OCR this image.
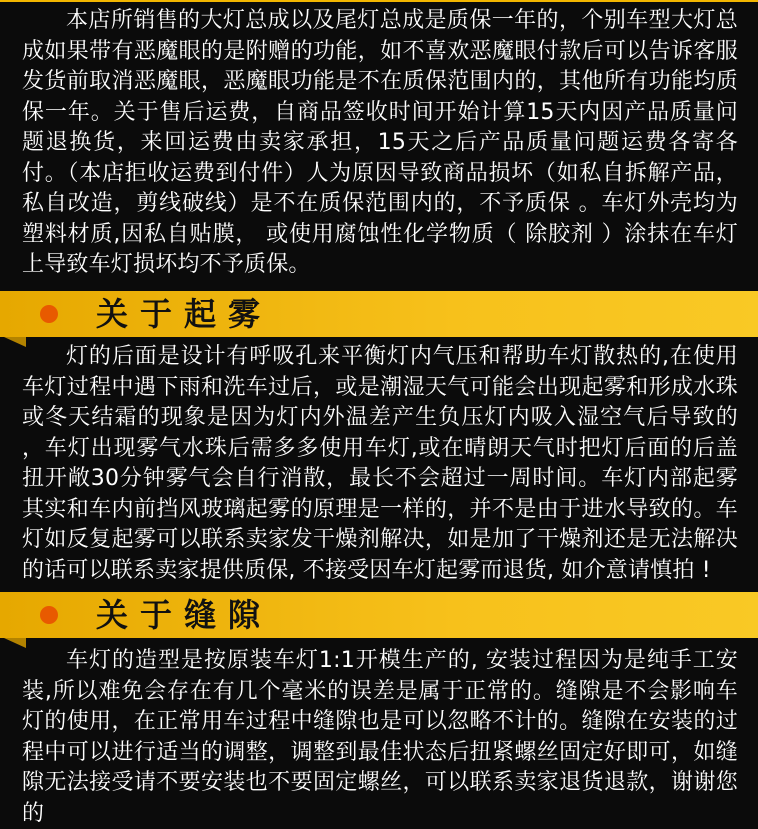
本店所销售的大灯总成以及尾灯总成是质保一年的，个别车型大灯总成如果带有恶魔眼的是附赠的功能，如不喜欢恶魔眼付款后可以告诉客服发货前取消恶魔眼，恶魔眼功能是不在质保范围内的，其他所有功能均质保一年。关于售后运费，自商品签收时间开始计算15天内因产品质量问题退换货，来回运费由卖家承担，15天之后产品质量问题运费各寄各付。（本店拒收运费到付件）人为原因导致商品损坏（如私自拆解产品，私自改造，剪线破线）是不在质保范围内的，不予质保 。车灯外壳均为塑料材质,因私自贴膜， 或使用腐蚀性化学物质（ 除胶剂 ）涂抹在车灯上导致车灯损坏均不予质保。

关于起雾

灯的后面是设计有呼吸孔来平衡灯内气压和帮助车灯散热的,在使用车灯过程中遇下雨和洗车过后，或是潮湿天气可能会出现起雾和形成水珠或冬天结霜的现象是因为灯内外温差产生负压灯内吸入湿空气后导致的 ，车灯出现雾气水珠后需多多使用车灯,或在晴朗天气时把灯后面的后盖扭开敞30分钟雾气会自行消散，最长不会超过一周时间。车灯内部起雾其实和车内前挡风玻璃起雾的原理是一样的，并不是由于进水导致的。车灯如反复起雾可以联系卖家发干燥剂解决，如是加了干燥剂还是无法解决的话可以联系卖家提供质保, 不接受因车灯起雾而退货, 如介意请慎拍 !

关于缝隙

车灯的造型是按原装车灯1:1开模生产的, 安装过程因为是纯手工安装,所以难免会存在有几个毫米的误差是属于正常的。缝隙是不会影响车灯的使用，在正常用车过程中缝隙也是可以忽略不计的。缝隙在安装的过程中可以进行适当的调整，调整到最佳状态后扭紧螺丝固定好即可，如缝隙无法接受请不要安装也不要固定螺丝，可以联系卖家退货退款，谢谢您的
